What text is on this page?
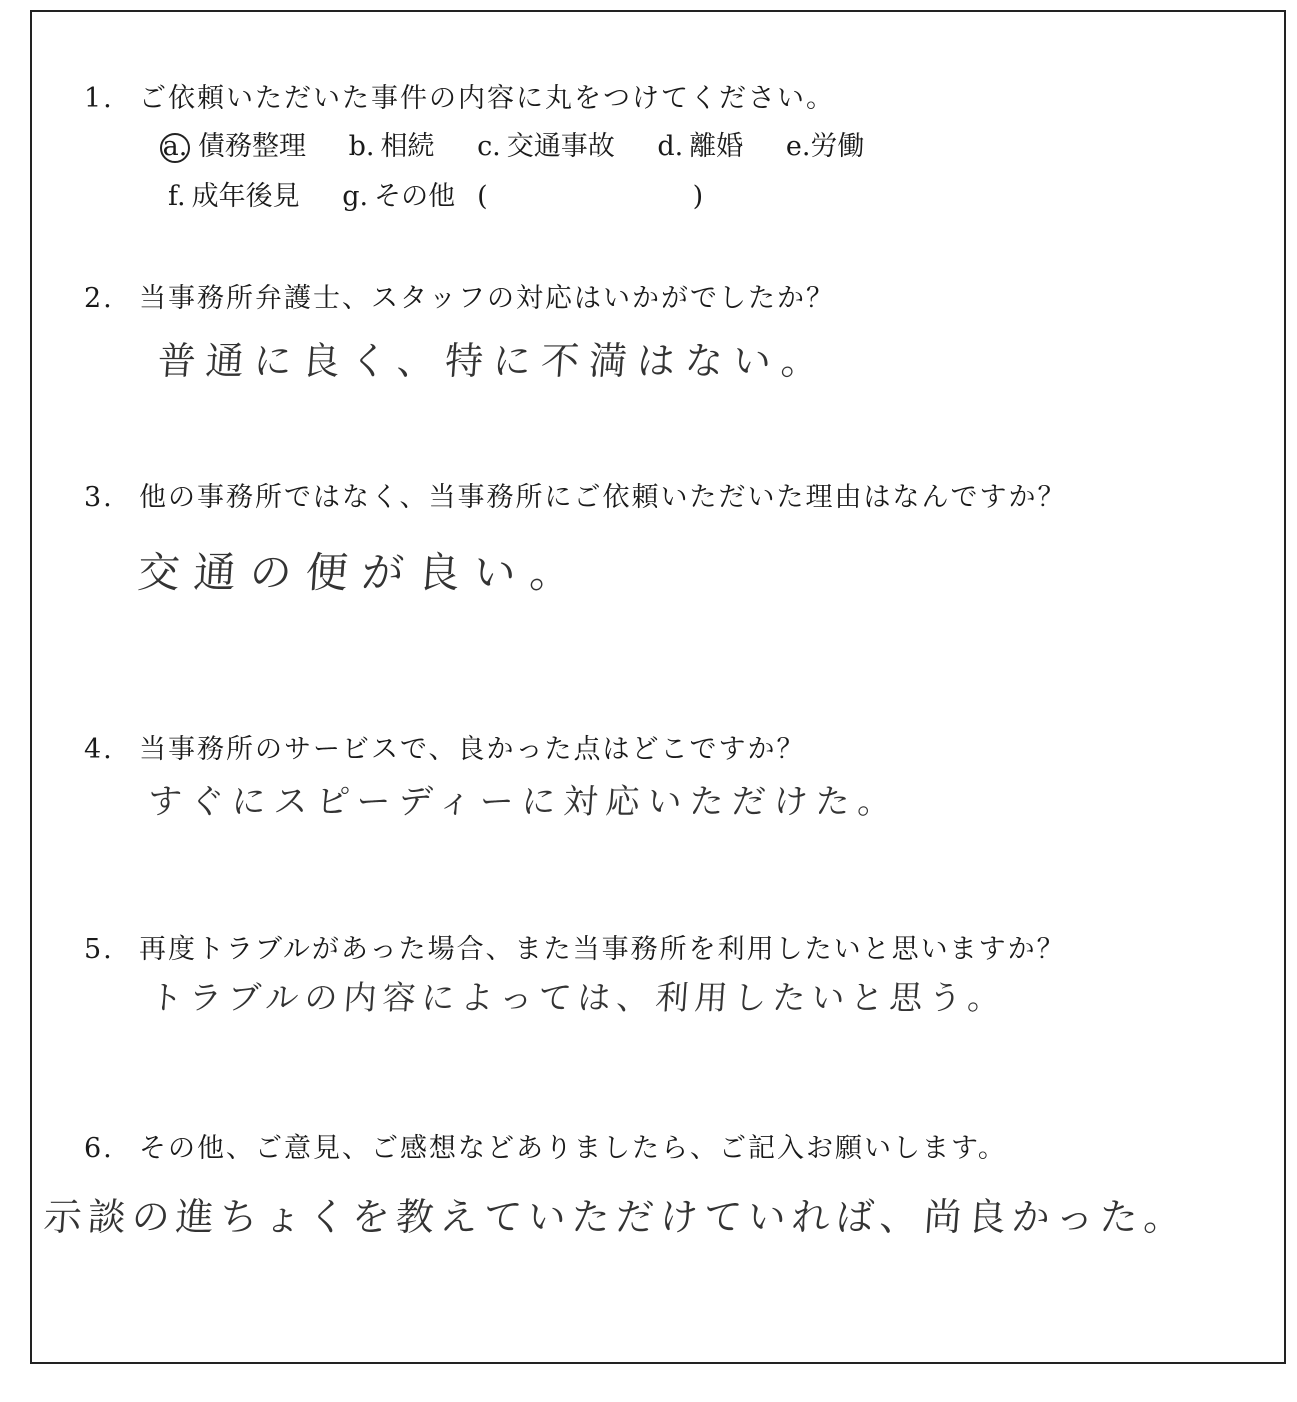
1. ご依頼いただいた事件の内容に丸をつけてください。
a. 債務整理 b. 相続 c. 交通事故 d. 離婚 e.労働
f. 成年後見 g. その他 (	)
2. 当事務所弁護士、スタッフの対応はいかがでしたか？
普通に良く、特に不満はない。
3. 他の事務所ではなく、当事務所にご依頼いただいた理由はなんですか？
交通の便が良い。
4. 当事務所のサービスで、良かった点はどこですか？
すぐにスピーディーに対応いただけた。
5. 再度トラブルがあった場合、また当事務所を利用したいと思いますか？
トラブルの内容によっては、利用したいと思う。
6. その他、ご意見、ご感想などありましたら、ご記入お願いします。
示談の進ちょくを教えていただけていれば、尚良かった。
